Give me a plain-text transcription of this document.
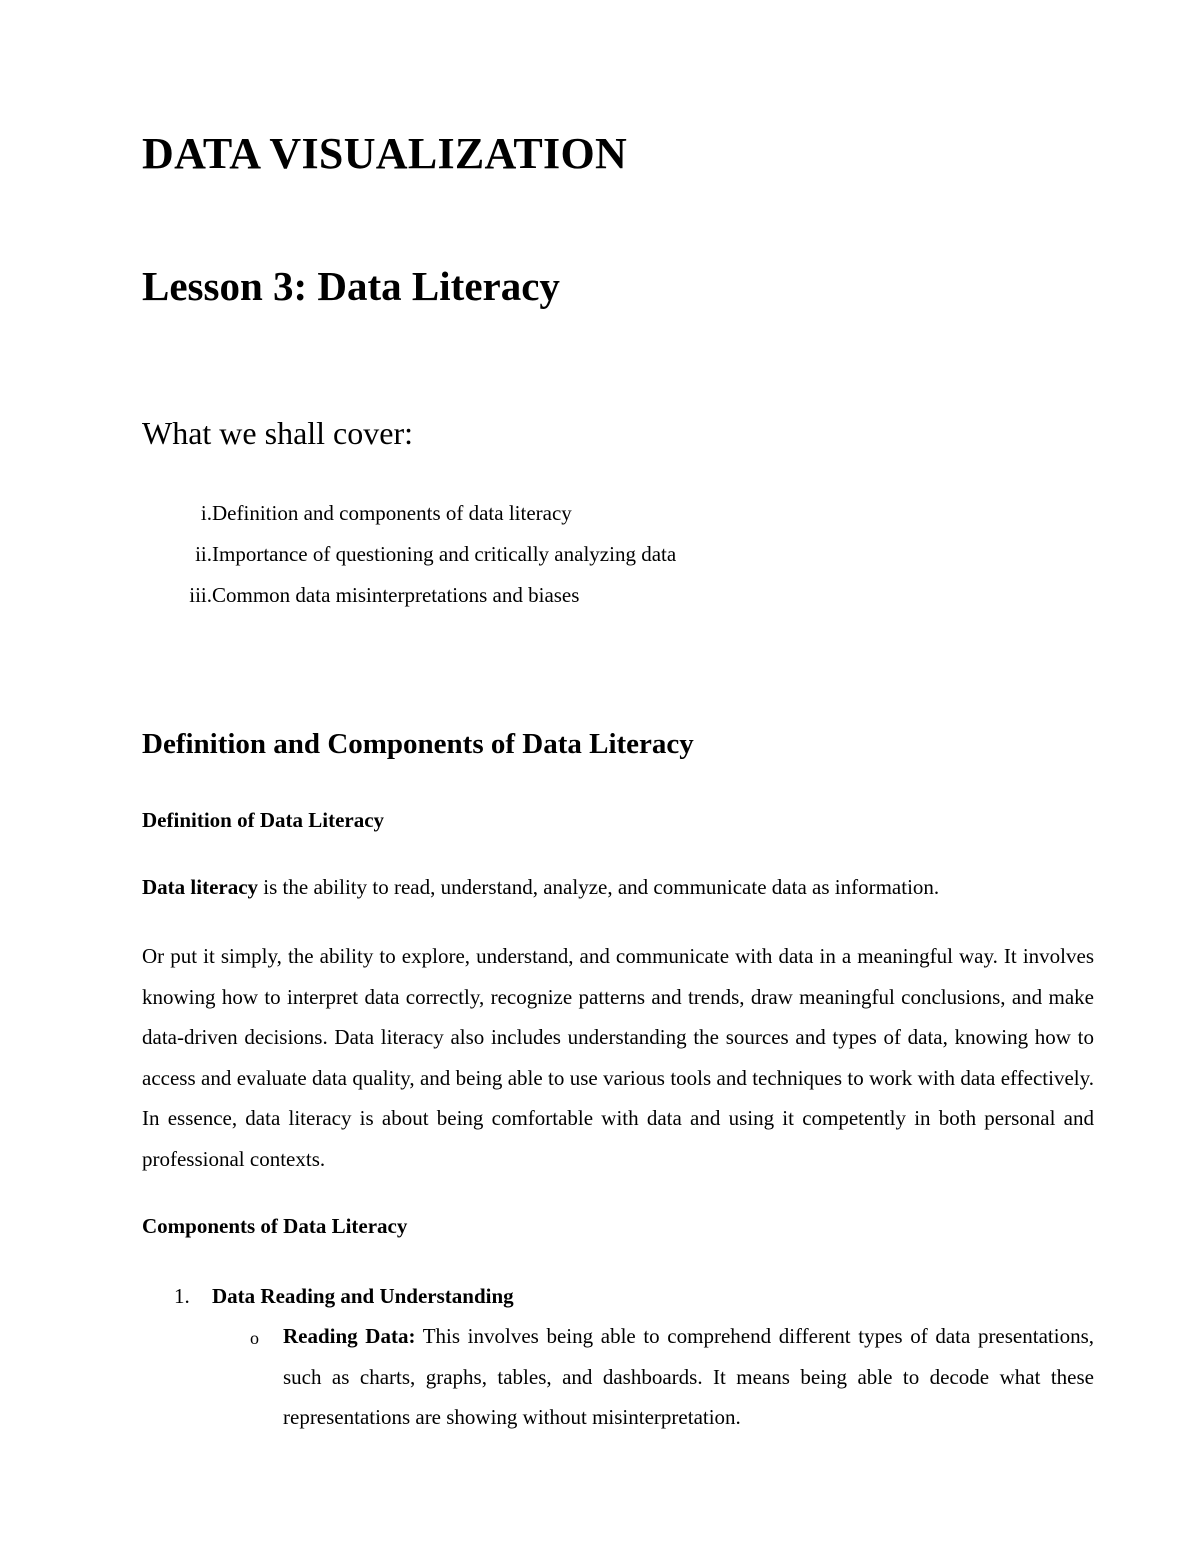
DATA VISUALIZATION
Lesson 3: Data Literacy
What we shall cover:
i. Definition and components of data literacy
ii. Importance of questioning and critically analyzing data
iii. Common data misinterpretations and biases
Definition and Components of Data Literacy
Definition of Data Literacy

Data literacy is the ability to read, understand, analyze, and communicate data as information.

Or put it simply, the ability to explore, understand, and communicate with data in a meaningful way. It involves knowing how to interpret data correctly, recognize patterns and trends, draw meaningful conclusions, and make data-driven decisions. Data literacy also includes understanding the sources and types of data, knowing how to access and evaluate data quality, and being able to use various tools and techniques to work with data effectively. In essence, data literacy is about being comfortable with data and using it competently in both personal and professional contexts.

Components of Data Literacy
1. Data Reading and Understanding
o Reading Data: This involves being able to comprehend different types of data presentations, such as charts, graphs, tables, and dashboards. It means being able to decode what these representations are showing without misinterpretation.
